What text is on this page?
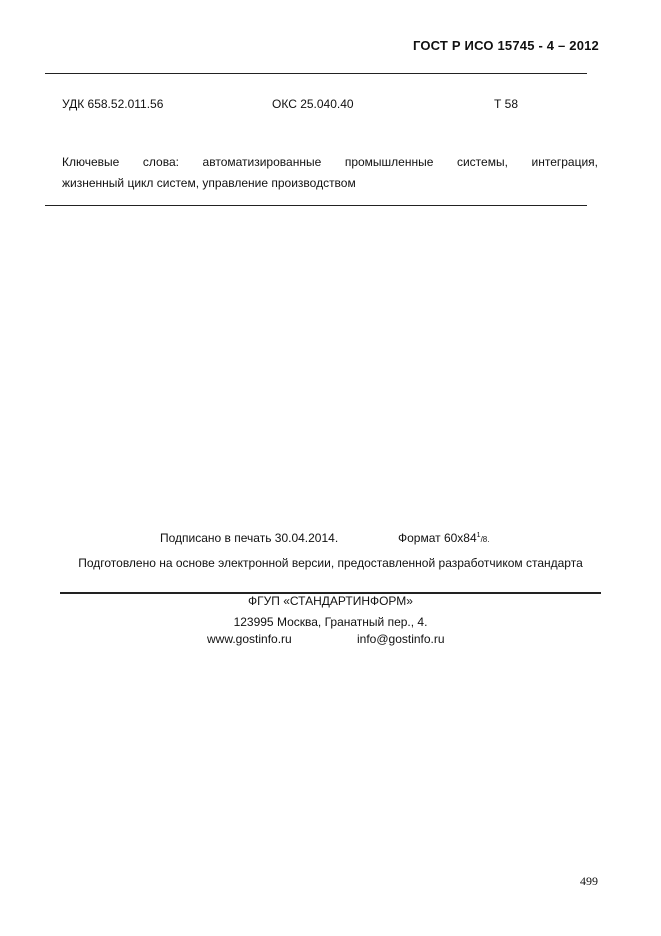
ГОСТ Р ИСО 15745 - 4 – 2012
УДК 658.52.011.56	ОКС 25.040.40	Т 58
Ключевые слова: автоматизированные промышленные системы, интеграция,
жизненный цикл систем, управление производством
Подписано в печать 30.04.2014.	Формат $60x84^1/8$.
Подготовлено на основе электронной версии, предоставленной разработчиком стандарта
ФГУП «СТАНДАРТИНФОРМ»
123995 Москва, Гранатный пер., 4.
www.gostinfo.ru	info@gostinfo.ru
499
